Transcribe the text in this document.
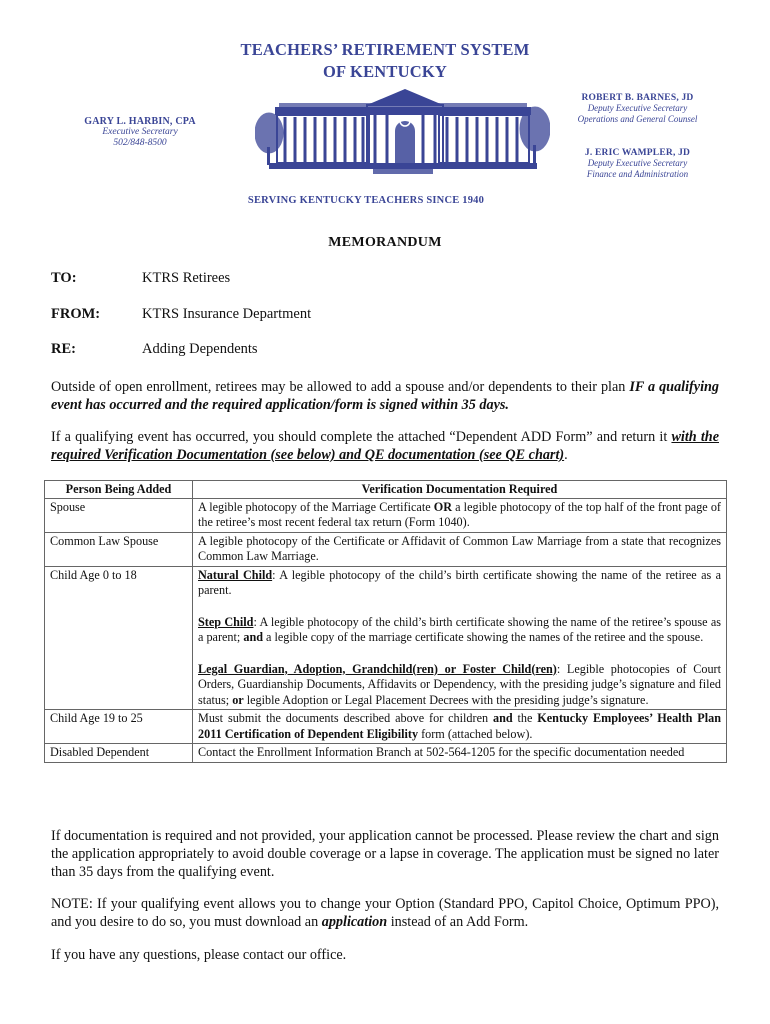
TEACHERS’ RETIREMENT SYSTEM
OF KENTUCKY
GARY L. HARBIN, CPA
Executive Secretary
502/848-8500
ROBERT B. BARNES, JD
Deputy Executive Secretary
Operations and General Counsel
J. ERIC WAMPLER, JD
Deputy Executive Secretary
Finance and Administration
SERVING KENTUCKY TEACHERS SINCE 1940
MEMORANDUM
TO:	KTRS Retirees
FROM:	KTRS Insurance Department
RE:	Adding Dependents
Outside of open enrollment, retirees may be allowed to add a spouse and/or dependents to their plan IF a qualifying event has occurred and the required application/form is signed within 35 days.
If a qualifying event has occurred, you should complete the attached “Dependent ADD Form” and return it with the required Verification Documentation (see below) and QE documentation (see QE chart).
Person Being Added	Verification Documentation Required
Spouse	A legible photocopy of the Marriage Certificate OR a legible photocopy of the top half of the front page of the retiree’s most recent federal tax return (Form 1040).
Common Law Spouse	A legible photocopy of the Certificate or Affidavit of Common Law Marriage from a state that recognizes Common Law Marriage.
Child Age 0 to 18	Natural Child: A legible photocopy of the child’s birth certificate showing the name of the retiree as a parent.
Step Child: A legible photocopy of the child’s birth certificate showing the name of the retiree’s spouse as a parent; and a legible copy of the marriage certificate showing the names of the retiree and the spouse.
Legal Guardian, Adoption, Grandchild(ren) or Foster Child(ren): Legible photocopies of Court Orders, Guardianship Documents, Affidavits or Dependency, with the presiding judge’s signature and filed status; or legible Adoption or Legal Placement Decrees with the presiding judge’s signature.

Child Age 19 to 25	Must submit the documents described above for children and the Kentucky Employees’ Health Plan 2011 Certification of Dependent Eligibility form (attached below).
Disabled Dependent	Contact the Enrollment Information Branch at 502-564-1205 for the specific documentation needed
If documentation is required and not provided, your application cannot be processed. Please review the chart and sign the application appropriately to avoid double coverage or a lapse in coverage. The application must be signed no later than 35 days from the qualifying event.
NOTE: If your qualifying event allows you to change your Option (Standard PPO, Capitol Choice, Optimum PPO), and you desire to do so, you must download an application instead of an Add Form.
If you have any questions, please contact our office.
